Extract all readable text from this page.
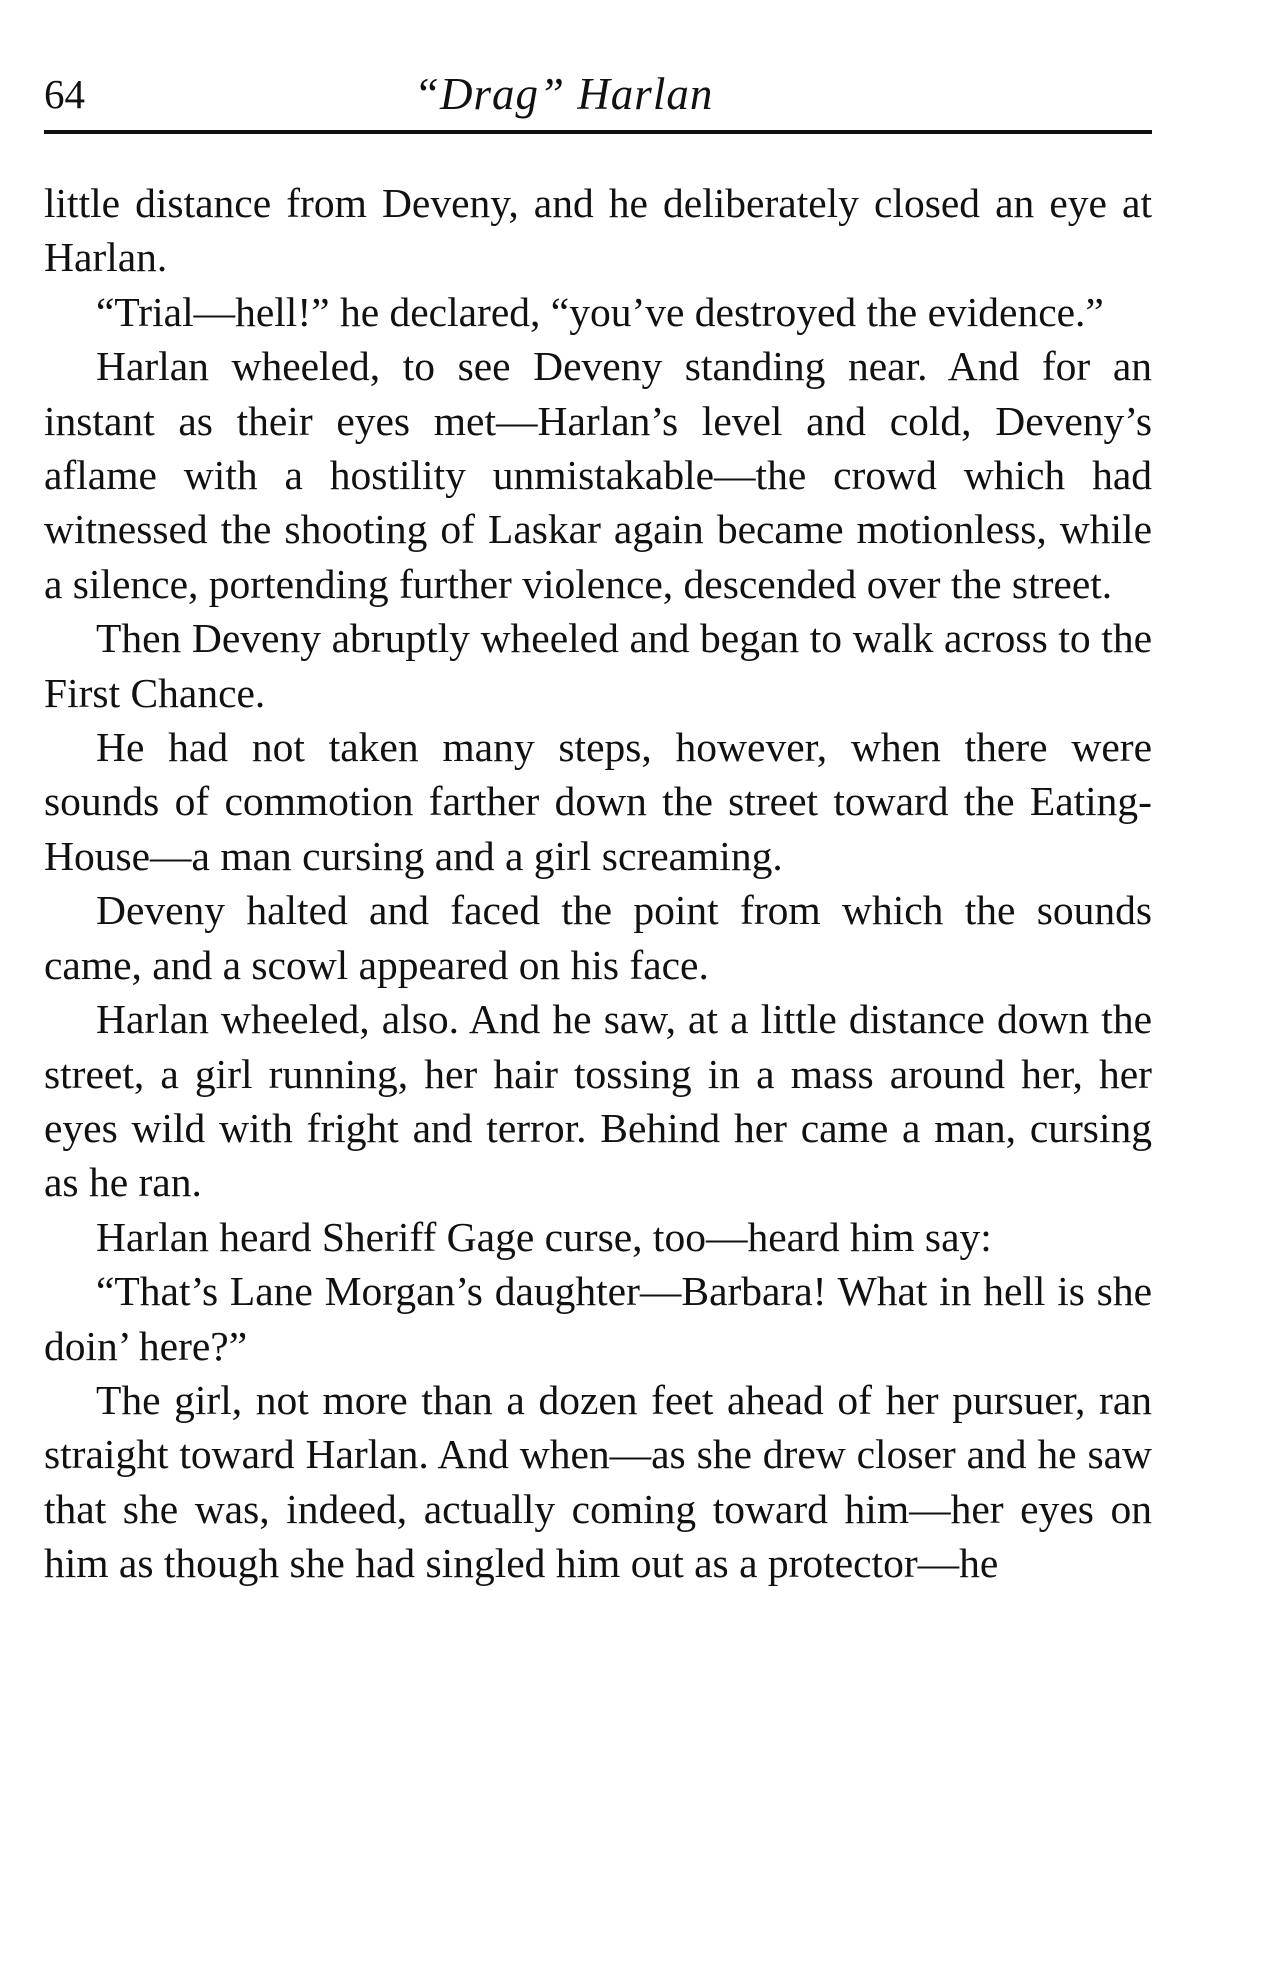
64	“Drag” Harlan

little distance from Deveny, and he deliberately closed an eye at Harlan.

“Trial—hell!” he declared, “you’ve destroyed the evidence.”

Harlan wheeled, to see Deveny standing near. And for an instant as their eyes met—Harlan’s level and cold, Deveny’s aflame with a hostility unmistakable—the crowd which had witnessed the shooting of Laskar again became motionless, while a silence, portending further violence, descended over the street.

Then Deveny abruptly wheeled and began to walk across to the First Chance.

He had not taken many steps, however, when there were sounds of commotion farther down the street toward the Eating-House—a man cursing and a girl screaming.

Deveny halted and faced the point from which the sounds came, and a scowl appeared on his face.

Harlan wheeled, also. And he saw, at a little distance down the street, a girl running, her hair tossing in a mass around her, her eyes wild with fright and terror. Behind her came a man, cursing as he ran.

Harlan heard Sheriff Gage curse, too—heard him say:

“That’s Lane Morgan’s daughter—Barbara! What in hell is she doin’ here?”

The girl, not more than a dozen feet ahead of her pursuer, ran straight toward Harlan. And when—as she drew closer and he saw that she was, indeed, actually coming toward him—her eyes on him as though she had singled him out as a protector—he
